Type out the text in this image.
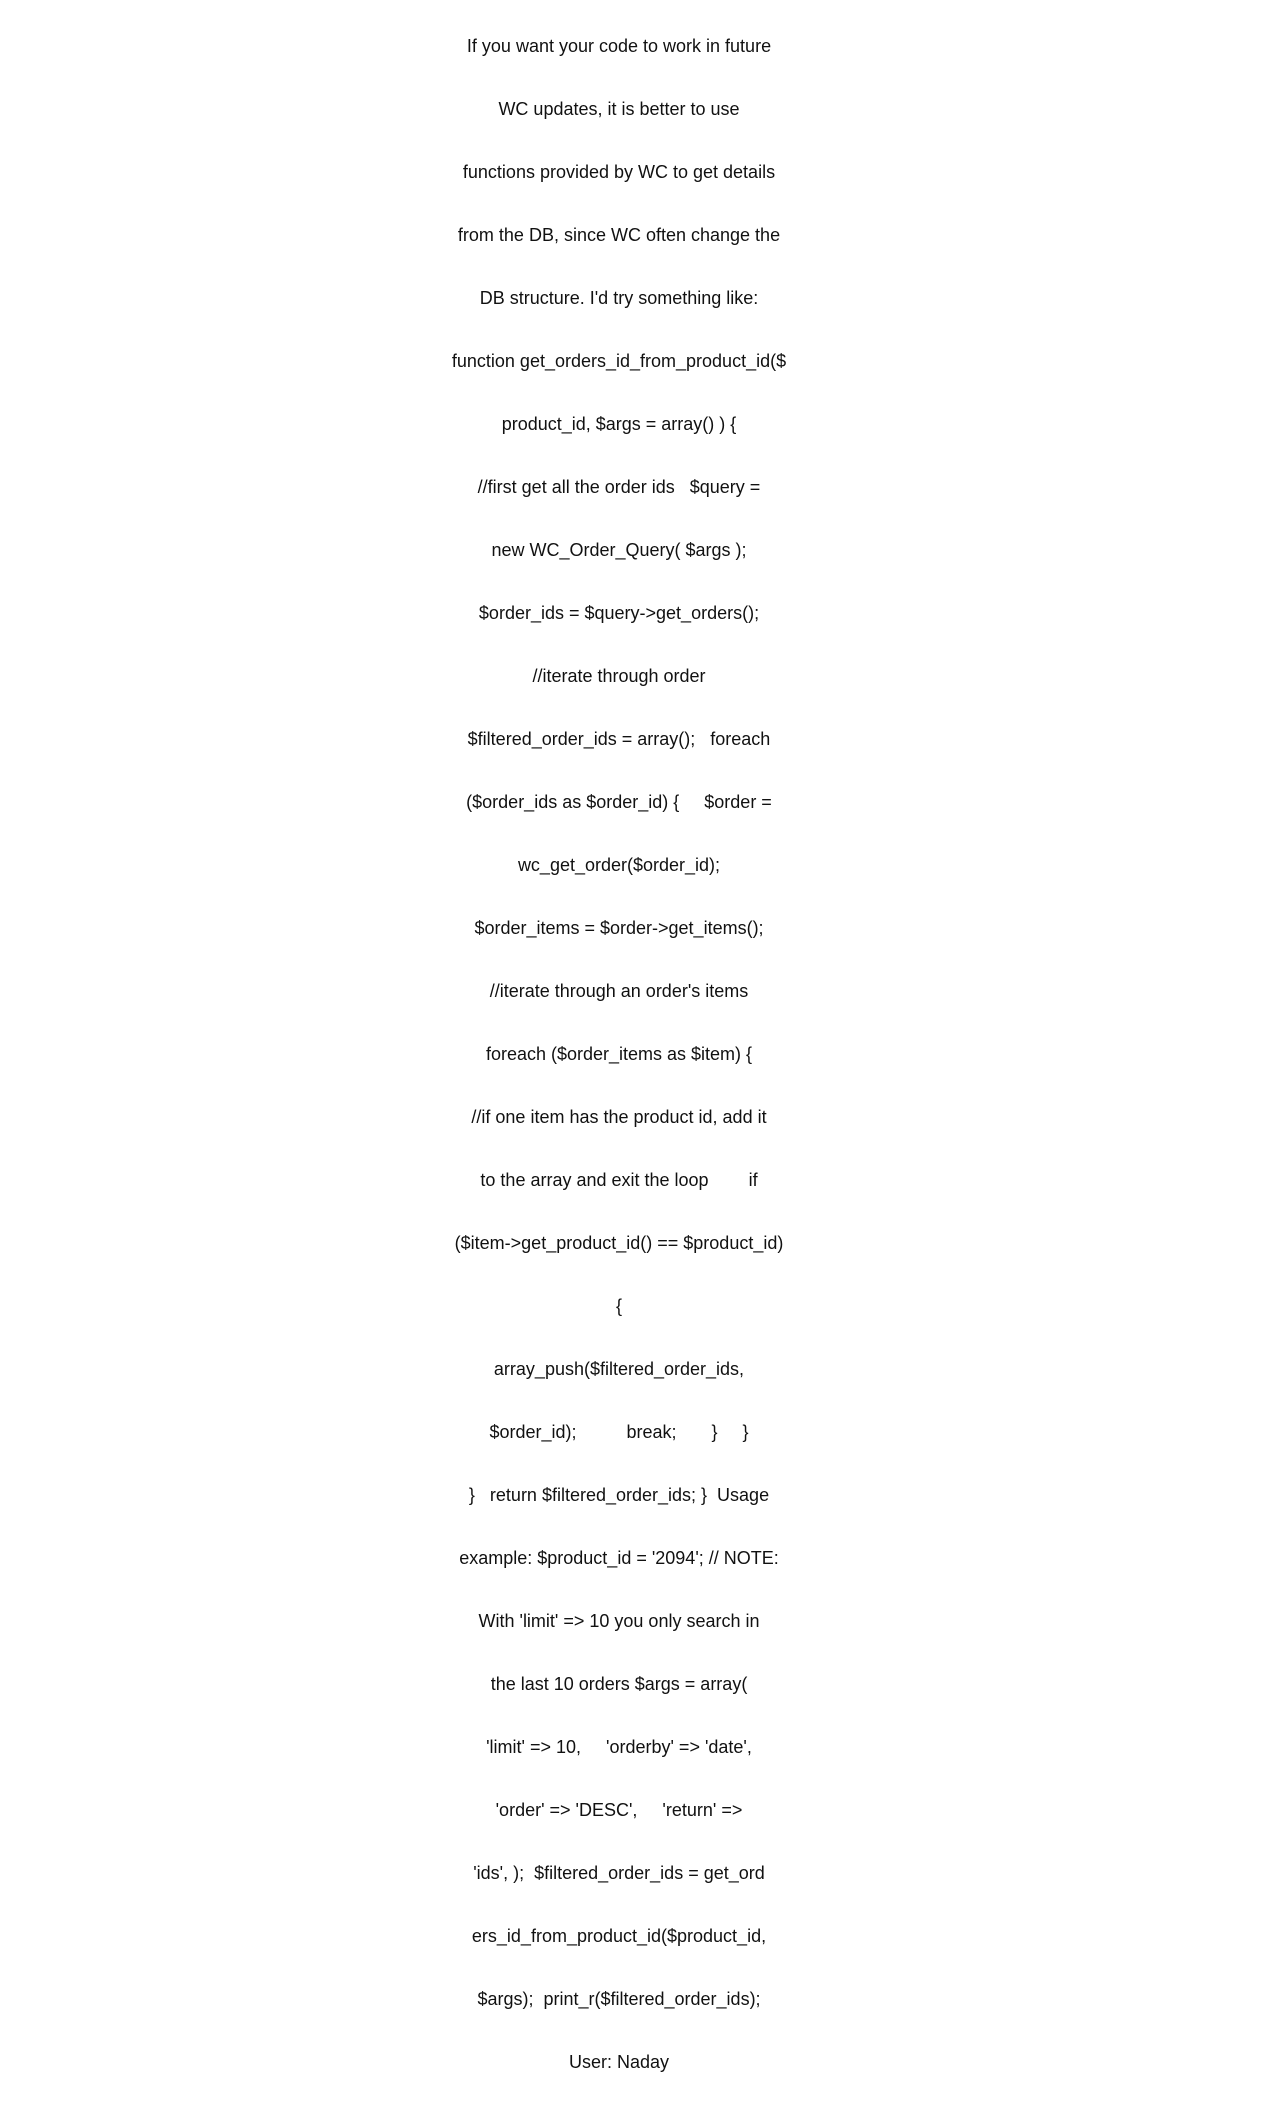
If you want your code to work in future

WC updates, it is better to use

functions provided by WC to get details

from the DB, since WC often change the

DB structure. I'd try something like:

function get_orders_id_from_product_id($

product_id, $args = array() ) {

//first get all the order ids   $query =

new WC_Order_Query( $args );

$order_ids = $query->get_orders();

//iterate through order

$filtered_order_ids = array();   foreach

($order_ids as $order_id) {     $order =

wc_get_order($order_id);

$order_items = $order->get_items();

//iterate through an order's items

foreach ($order_items as $item) {

//if one item has the product id, add it

to the array and exit the loop        if

($item->get_product_id() == $product_id)

{

array_push($filtered_order_ids,

$order_id);          break;       }     }

}   return $filtered_order_ids; }  Usage

example: $product_id = '2094'; // NOTE:

With 'limit' => 10 you only search in

the last 10 orders $args = array(

'limit' => 10,     'orderby' => 'date',

'order' => 'DESC',     'return' =>

'ids', );  $filtered_order_ids = get_ord

ers_id_from_product_id($product_id,

$args);  print_r($filtered_order_ids);

User: Naday
